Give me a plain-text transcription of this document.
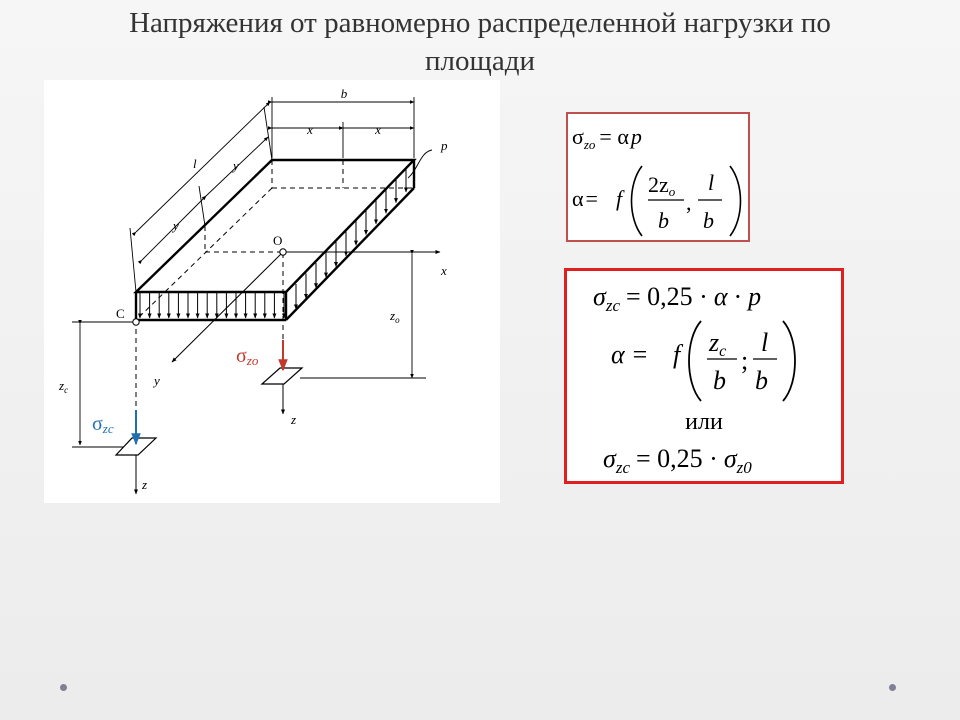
Напряжения от равномерно распределенной нагрузки по
площади
b
x	x
p
l	y
y
O
x
C	$z_o$
$z_c$
y
z
z
σzo
σzc
$\sigma_{zo} = \alpha p$
α= f
2zo
b
,
l
b
$\sigma_{zc} = 0,25 \cdot \alpha \cdot p$
α = f zc
b
;
l
b
или
$\sigma_{zc} = 0,25 \cdot \sigma_{z0}$
